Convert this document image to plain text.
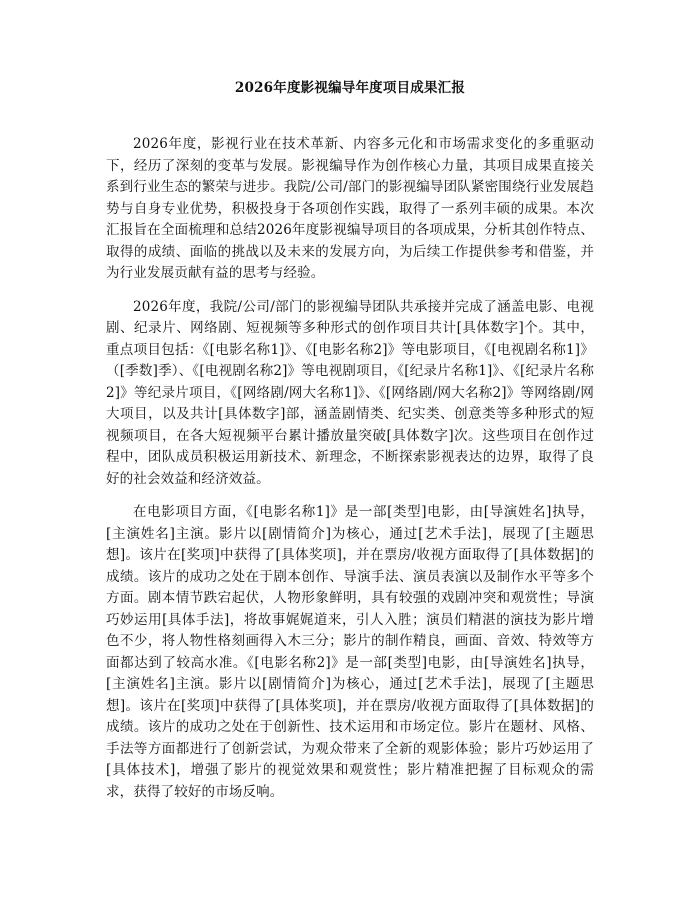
2026年度影视编导年度项目成果汇报

2026年度，影视行业在技术革新、内容多元化和市场需求变化的多重驱动下，经历了深刻的变革与发展。影视编导作为创作核心力量，其项目成果直接关系到行业生态的繁荣与进步。我院/公司/部门的影视编导团队紧密围绕行业发展趋势与自身专业优势，积极投身于各项创作实践，取得了一系列丰硕的成果。本次汇报旨在全面梳理和总结2026年度影视编导项目的各项成果，分析其创作特点、取得的成绩、面临的挑战以及未来的发展方向，为后续工作提供参考和借鉴，并为行业发展贡献有益的思考与经验。

2026年度，我院/公司/部门的影视编导团队共承接并完成了涵盖电影、电视剧、纪录片、网络剧、短视频等多种形式的创作项目共计[具体数字]个。其中，重点项目包括：《[电影名称1]》、《[电影名称2]》等电影项目，《[电视剧名称1]》（[季数]季）、《[电视剧名称2]》等电视剧项目，《[纪录片名称1]》、《[纪录片名称2]》等纪录片项目，《[网络剧/网大名称1]》、《[网络剧/网大名称2]》等网络剧/网大项目，以及共计[具体数字]部，涵盖剧情类、纪实类、创意类等多种形式的短视频项目，在各大短视频平台累计播放量突破[具体数字]次。这些项目在创作过程中，团队成员积极运用新技术、新理念，不断探索影视表达的边界，取得了良好的社会效益和经济效益。

在电影项目方面，《[电影名称1]》是一部[类型]电影，由[导演姓名]执导，[主演姓名]主演。影片以[剧情简介]为核心，通过[艺术手法]，展现了[主题思想]。该片在[奖项]中获得了[具体奖项]，并在票房/收视方面取得了[具体数据]的成绩。该片的成功之处在于剧本创作、导演手法、演员表演以及制作水平等多个方面。剧本情节跌宕起伏，人物形象鲜明，具有较强的戏剧冲突和观赏性；导演巧妙运用[具体手法]，将故事娓娓道来，引人入胜；演员们精湛的演技为影片增色不少，将人物性格刻画得入木三分；影片的制作精良，画面、音效、特效等方面都达到了较高水准。《[电影名称2]》是一部[类型]电影，由[导演姓名]执导，[主演姓名]主演。影片以[剧情简介]为核心，通过[艺术手法]，展现了[主题思想]。该片在[奖项]中获得了[具体奖项]，并在票房/收视方面取得了[具体数据]的成绩。该片的成功之处在于创新性、技术运用和市场定位。影片在题材、风格、手法等方面都进行了创新尝试，为观众带来了全新的观影体验；影片巧妙运用了[具体技术]，增强了影片的视觉效果和观赏性；影片精准把握了目标观众的需求，获得了较好的市场反响。
